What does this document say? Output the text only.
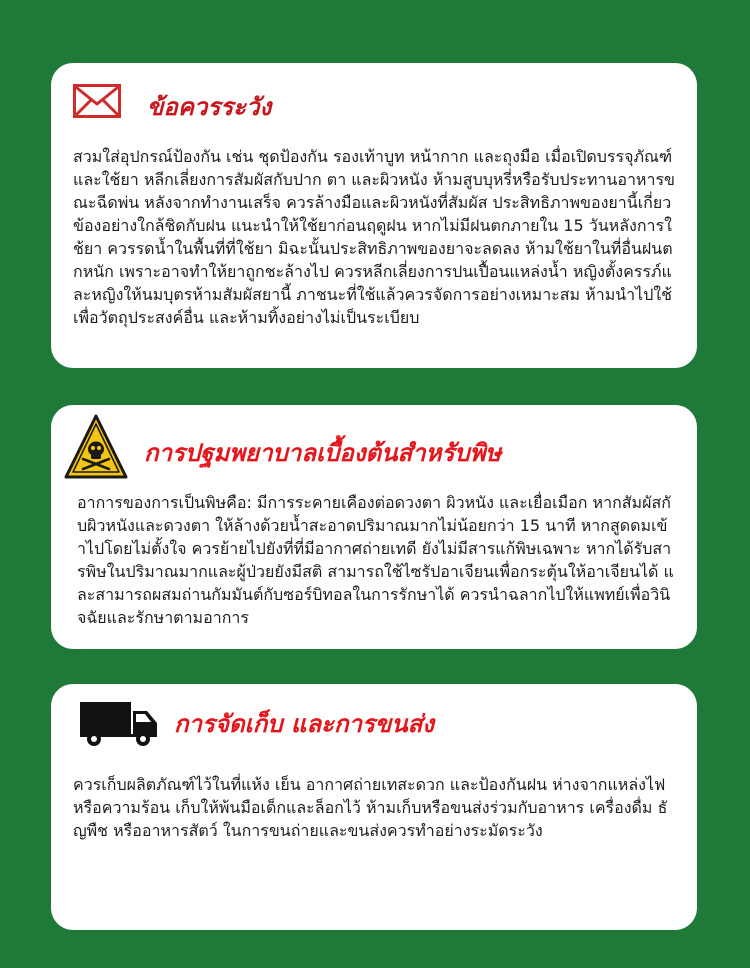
ข้อควรระวัง

สวมใส่อุปกรณ์ป้องกัน เช่น ชุดป้องกัน รองเท้าบูท หน้ากาก และถุงมือ เมื่อเปิดบรรจุภัณฑ์และใช้ยา หลีกเลี่ยงการสัมผัสกับปาก ตา และผิวหนัง ห้ามสูบบุหรี่หรือรับประทานอาหารขณะฉีดพ่น หลังจากทำงานเสร็จ ควรล้างมือและผิวหนังที่สัมผัส ประสิทธิภาพของยานี้เกี่ยวข้องอย่างใกล้ชิดกับฝน แนะนำให้ใช้ยาก่อนฤดูฝน หากไม่มีฝนตกภายใน 15 วันหลังการใช้ยา ควรรดน้ำในพื้นที่ที่ใช้ยา มิฉะนั้นประสิทธิภาพของยาจะลดลง ห้ามใช้ยาในที่อื่นฝนตกหนัก เพราะอาจทำให้ยาถูกชะล้างไป ควรหลีกเลี่ยงการปนเปื้อนแหล่งน้ำ หญิงตั้งครรภ์และหญิงให้นมบุตรห้ามสัมผัสยานี้ ภาชนะที่ใช้แล้วควรจัดการอย่างเหมาะสม ห้ามนำไปใช้เพื่อวัตถุประสงค์อื่น และห้ามทิ้งอย่างไม่เป็นระเบียบ

การปฐมพยาบาลเบื้องต้นสำหรับพิษ

อาการของการเป็นพิษคือ: มีการระคายเคืองต่อดวงตา ผิวหนัง และเยื่อเมือก หากสัมผัสกับผิวหนังและดวงตา ให้ล้างด้วยน้ำสะอาดปริมาณมากไม่น้อยกว่า 15 นาที หากสูดดมเข้าไปโดยไม่ตั้งใจ ควรย้ายไปยังที่ที่มีอากาศถ่ายเทดี ยังไม่มีสารแก้พิษเฉพาะ หากได้รับสารพิษในปริมาณมากและผู้ป่วยยังมีสติ สามารถใช้ไซรัปอาเจียนเพื่อกระตุ้นให้อาเจียนได้ และสามารถผสมถ่านกัมมันต์กับซอร์บิทอลในการรักษาได้ ควรนำฉลากไปให้แพทย์เพื่อวินิจฉัยและรักษาตามอาการ

การจัดเก็บ และการขนส่ง

ควรเก็บผลิตภัณฑ์ไว้ในที่แห้ง เย็น อากาศถ่ายเทสะดวก และป้องกันฝน ห่างจากแหล่งไฟหรือความร้อน เก็บให้พ้นมือเด็กและล็อกไว้ ห้ามเก็บหรือขนส่งร่วมกับอาหาร เครื่องดื่ม ธัญพืช หรืออาหารสัตว์ ในการขนถ่ายและขนส่งควรทำอย่างระมัดระวัง
